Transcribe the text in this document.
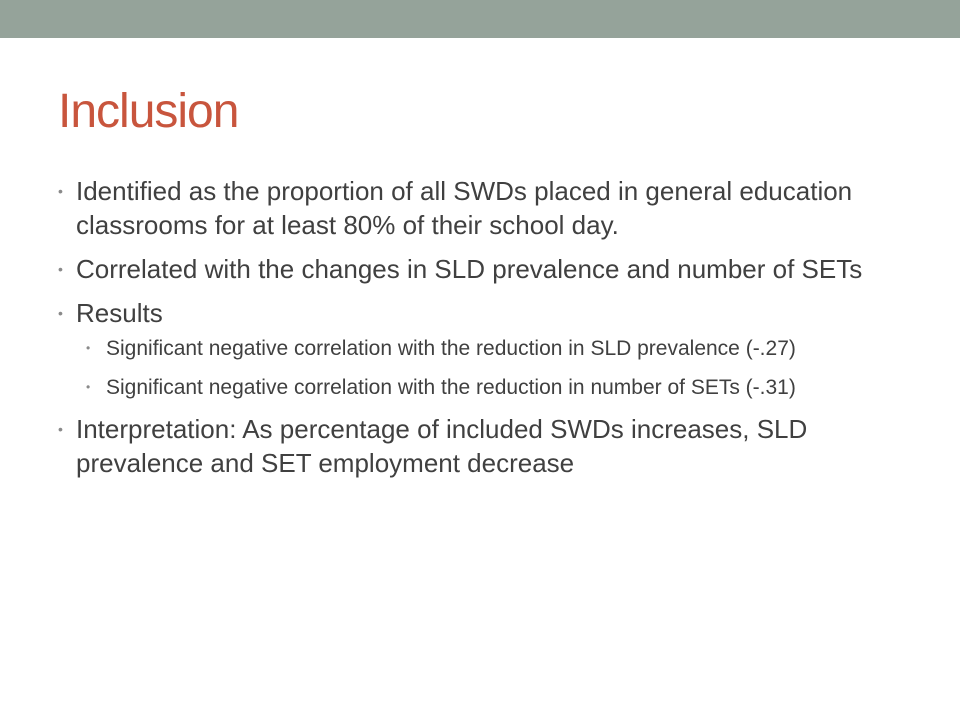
Inclusion
• Identified as the proportion of all SWDs placed in general education classrooms for at least 80% of their school day.
• Correlated with the changes in SLD prevalence and number of SETs
• Results
• Significant negative correlation with the reduction in SLD prevalence (-.27)
• Significant negative correlation with the reduction in number of SETs (-.31)
• Interpretation: As percentage of included SWDs increases, SLD prevalence and SET employment decrease
